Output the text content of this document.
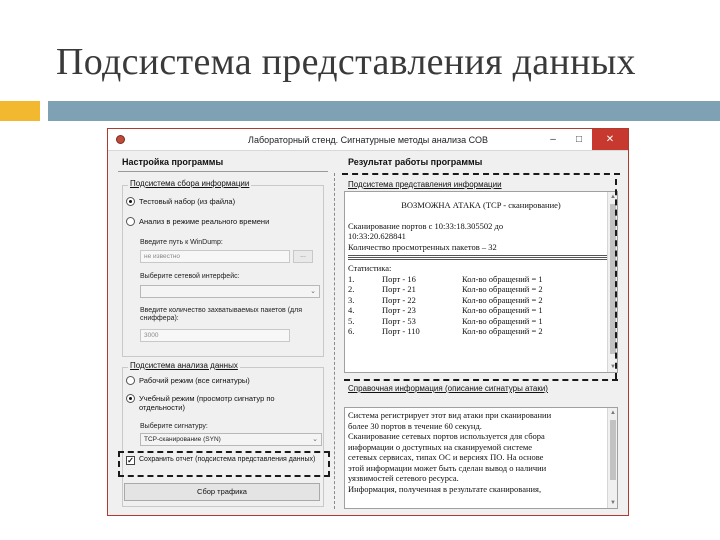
Подсистема представления данных
Лабораторный стенд. Сигнатурные методы анализа СОВ	–	□	✕
Настройка программы
Подсистема сбора информации
Тестовый набор (из файла)
Анализ в режиме реального времени
Введите путь к WinDump:
не известно	...
Выберите сетевой интерфейс:
⌄
Введите количество захватываемых пакетов (для сниффера):
3000
Подсистема анализа данных
Рабочий режим (все сигнатуры)
Учебный режим (просмотр сигнатур по отдельности)
Выберите сигнатуру:
TCP-сканирование (SYN)	⌄
✓ Сохранить отчет (подсистема представления данных)
Сбор трафика
Результат работы программы
Подсистема представления информации
ВОЗМОЖНА АТАКА (TCP - сканирование)
Сканирование портов с 10:33:18.305502 до
10:33:20.628841
Количество просмотренных пакетов – 32
Статистика:
1.	Порт - 16	Кол-во обращений = 1
2.	Порт - 21	Кол-во обращений = 2
3.	Порт - 22	Кол-во обращений = 2
4.	Порт - 23	Кол-во обращений = 1
5.	Порт - 53	Кол-во обращений = 1
6.	Порт - 110	Кол-во обращений = 2
▲
▼
Справочная информация (описание сигнатуры атаки)
Система регистрирует этот вид атаки при сканировании
более 30 портов в течение 60 секунд.
Сканирование сетевых портов используется для сбора
информации о доступных на сканируемой системе
сетевых сервисах, типах ОС и версиях ПО. На основе
этой информации может быть сделан вывод о наличии
уязвимостей сетевого ресурса.
Информация, полученная в результате сканирования,
▲
▼
